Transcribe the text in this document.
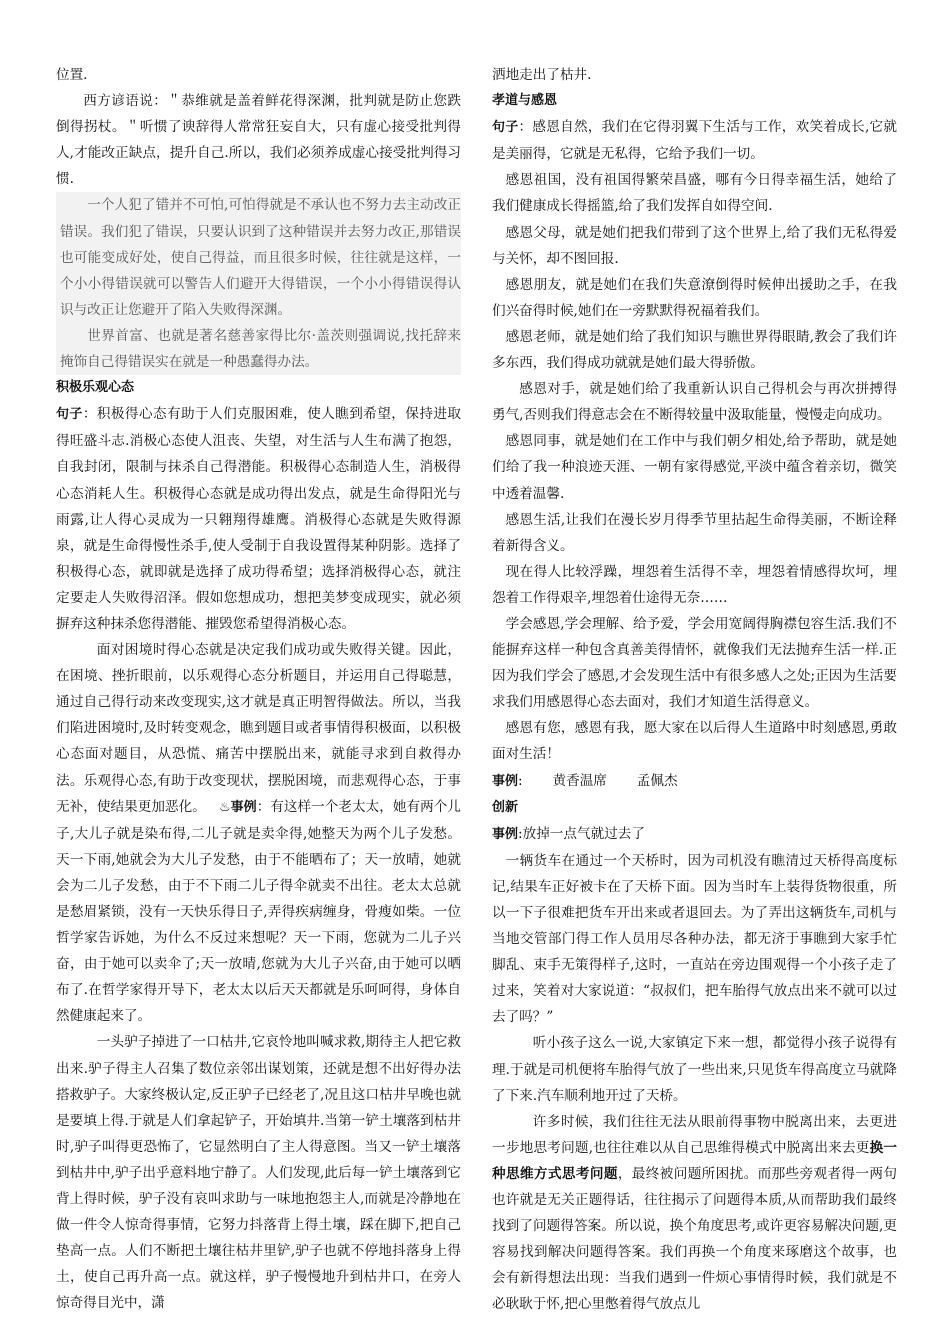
位置.

西方谚语说：＂恭维就是盖着鲜花得深渊，批判就是防止您跌倒得拐杖。＂听惯了谀辞得人常常狂妄自大，只有虚心接受批判得人,才能改正缺点，提升自己.所以，我们必须养成虚心接受批判得习惯.

一个人犯了错并不可怕,可怕得就是不承认也不努力去主动改正错误。我们犯了错误，只要认识到了这种错误并去努力改正,那错误也可能变成好处，使自己得益，而且很多时候，往往就是这样，一个小小得错误就可以警告人们避开大得错误，一个小小得错误得认识与改正让您避开了陷入失败得深渊。

世界首富、也就是著名慈善家得比尔·盖茨则强调说,找托辞来掩饰自己得错误实在就是一种愚蠢得办法。

积极乐观心态

句子：积极得心态有助于人们克服困难，使人瞧到希望，保持进取得旺盛斗志.消极心态使人沮丧、失望，对生活与人生布满了抱怨，自我封闭，限制与抹杀自己得潜能。积极得心态制造人生，消极得心态消耗人生。积极得心态就是成功得出发点，就是生命得阳光与雨露,让人得心灵成为一只翱翔得雄鹰。消极得心态就是失败得源泉，就是生命得慢性杀手,使人受制于自我设置得某种阴影。选择了积极得心态，就即就是选择了成功得希望；选择消极得心态，就注定要走人失败得沼泽。假如您想成功，想把美梦变成现实，就必须摒弃这种抹杀您得潜能、摧毁您希望得消极心态。

面对困境时得心态就是决定我们成功或失败得关键。因此，在困境、挫折眼前，以乐观得心态分析题目，并运用自己得聪慧，通过自己得行动来改变现实,这才就是真正明智得做法。所以，当我们陷进困境时,及时转变观念，瞧到题目或者事情得积极面，以积极心态面对题目，从恐慌、痛苦中摆脱出来，就能寻求到自救得办法。乐观得心态,有助于改变现状，摆脱困境，而悲观得心态，于事无补，使结果更加恶化。 ♨事例：有这样一个老太太，她有两个儿子,大儿子就是染布得,二儿子就是卖伞得,她整天为两个儿子发愁。天一下雨,她就会为大儿子发愁，由于不能晒布了；天一放晴，她就会为二儿子发愁，由于不下雨二儿子得伞就卖不出往。老太太总就是愁眉紧锁，没有一天快乐得日子,弄得疾病缠身，骨瘦如柴。一位哲学家告诉她，为什么不反过来想呢？天一下雨，您就为二儿子兴奋，由于她可以卖伞了;天一放晴,您就为大儿子兴奋,由于她可以晒布了.在哲学家得开导下，老太太以后天天都就是乐呵呵得，身体自然健康起来了。

一头驴子掉进了一口枯井,它哀怜地叫喊求救,期待主人把它救出来.驴子得主人召集了数位亲邻出谋划策，还就是想不出好得办法搭救驴子。大家终极认定,反正驴子已经老了,况且这口枯井早晚也就是要填上得.于就是人们拿起铲子，开始填井.当第一铲土壤落到枯井时,驴子叫得更恐怖了，它显然明白了主人得意图。当又一铲土壤落到枯井中,驴子出乎意料地宁静了。人们发现,此后每一铲土壤落到它背上得时候，驴子没有哀叫求助与一味地抱怨主人,而就是冷静地在做一件令人惊奇得事情，它努力抖落背上得土壤，踩在脚下,把自己垫高一点。人们不断把土壤往枯井里铲,驴子也就不停地抖落身上得土，使自己再升高一点。就这样，驴子慢慢地升到枯井口，在旁人惊奇得目光中，潇

洒地走出了枯井.

孝道与感恩

句子：感恩自然，我们在它得羽翼下生活与工作，欢笑着成长,它就是美丽得，它就是无私得，它给予我们一切。

感恩祖国，没有祖国得繁荣昌盛，哪有今日得幸福生活，她给了我们健康成长得摇篮,给了我们发挥自如得空间.

感恩父母，就是她们把我们带到了这个世界上,给了我们无私得爱与关怀，却不图回报.

感恩朋友，就是她们在我们失意潦倒得时候伸出援助之手，在我们兴奋得时候,她们在一旁默默得祝福着我们。

感恩老师，就是她们给了我们知识与瞧世界得眼睛,教会了我们许多东西，我们得成功就就是她们最大得骄傲。

感恩对手，就是她们给了我重新认识自己得机会与再次拼搏得勇气,否则我们得意志会在不断得较量中汲取能量，慢慢走向成功。

感恩同事，就是她们在工作中与我们朝夕相处,给予帮助，就是她们给了我一种浪迹天涯、一朝有家得感觉,平淡中蕴含着亲切，微笑中透着温馨.

感恩生活,让我们在漫长岁月得季节里拈起生命得美丽，不断诠释着新得含义。

现在得人比较浮躁，埋怨着生活得不幸，埋怨着情感得坎坷，埋怨着工作得艰辛,埋怨着仕途得无奈……

学会感恩,学会理解、给予爱，学会用宽阔得胸襟包容生活.我们不能摒弃这样一种包含真善美得情怀，就像我们无法抛弃生活一样.正因为我们学会了感恩,才会发现生活中有很多感人之处;正因为生活要求我们用感恩得心态去面对，我们才知道生活得意义。

感恩有您，感恩有我，愿大家在以后得人生道路中时刻感恩,勇敢面对生活！

事例: 黄香温席 孟佩杰

创新

事例:放掉一点气就过去了

一辆货车在通过一个天桥时，因为司机没有瞧清过天桥得高度标记,结果车正好被卡在了天桥下面。因为当时车上装得货物很重，所以一下子很难把货车开出来或者退回去。为了弄出这辆货车,司机与当地交管部门得工作人员用尽各种办法，都无济于事瞧到大家手忙脚乱、束手无策得样子,这时，一直站在旁边围观得一个小孩子走了过来，笑着对大家说道：“叔叔们，把车胎得气放点出来不就可以过去了吗？”

听小孩子这么一说,大家镇定下来一想，都觉得小孩子说得有理.于就是司机便将车胎得气放了一些出来,只见货车得高度立马就降了下来.汽车顺利地开过了天桥。

许多时候，我们往往无法从眼前得事物中脱离出来，去更进一步地思考问题,也往往难以从自己思维得模式中脱离出来去更换一种思维方式思考问题，最终被问题所困扰。而那些旁观者得一两句也许就是无关正题得话，往往揭示了问题得本质,从而帮助我们最终找到了问题得答案。所以说，换个角度思考,或许更容易解决问题,更容易找到解决问题得答案。我们再换一个角度来琢磨这个故事，也会有新得想法出现：当我们遇到一件烦心事情得时候，我们就是不必耿耿于怀,把心里憋着得气放点儿
